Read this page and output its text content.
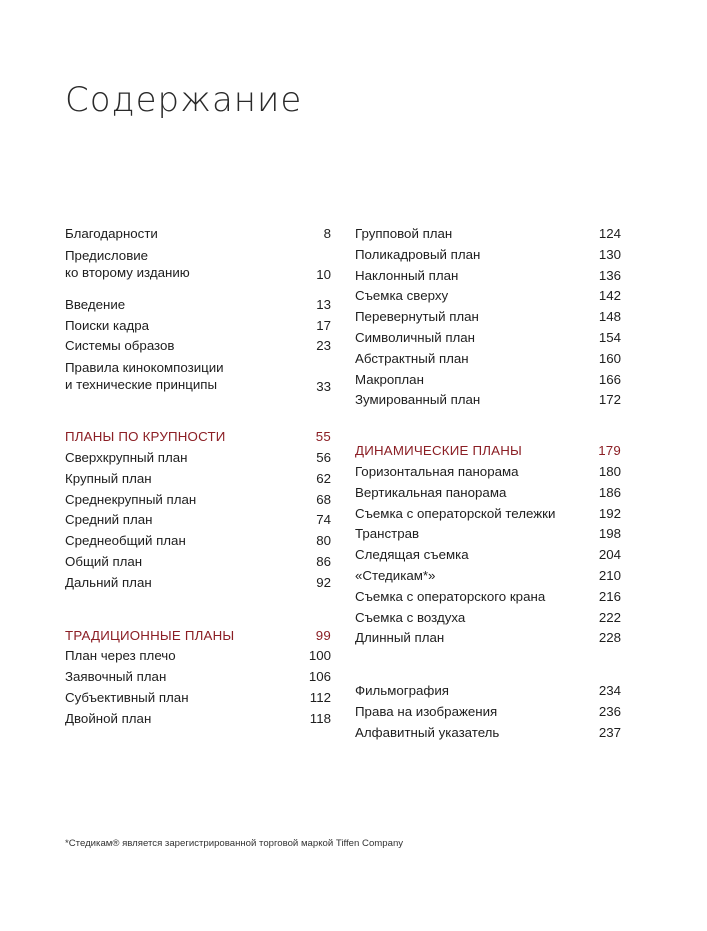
Содержание
Благодарности	8
Предисловие
ко второму изданию	10
Введение	13
Поиски кадра	17
Системы образов	23
Правила кинокомпозиции
и технические принципы	33
ПЛАНЫ ПО КРУПНОСТИ	55
Сверхкрупный план	56
Крупный план	62
Среднекрупный план	68
Средний план	74
Среднеобщий план	80
Общий план	86
Дальний план	92
ТРАДИЦИОННЫЕ ПЛАНЫ	99
План через плечо	100
Заявочный план	106
Субъективный план	112
Двойной план	118
Групповой план	124
Поликадровый план	130
Наклонный план	136
Съемка сверху	142
Перевернутый план	148
Символичный план	154
Абстрактный план	160
Макроплан	166
Зумированный план	172
ДИНАМИЧЕСКИЕ ПЛАНЫ	179
Горизонтальная панорама	180
Вертикальная панорама	186
Съемка с операторской тележки	192
Транстрав	198
Следящая съемка	204
«Стедикам*»	210
Съемка с операторского крана	216
Съемка с воздуха	222
Длинный план	228
Фильмография	234
Права на изображения	236
Алфавитный указатель	237
*Стедикам® является зарегистрированной торговой маркой Tiffen Company
